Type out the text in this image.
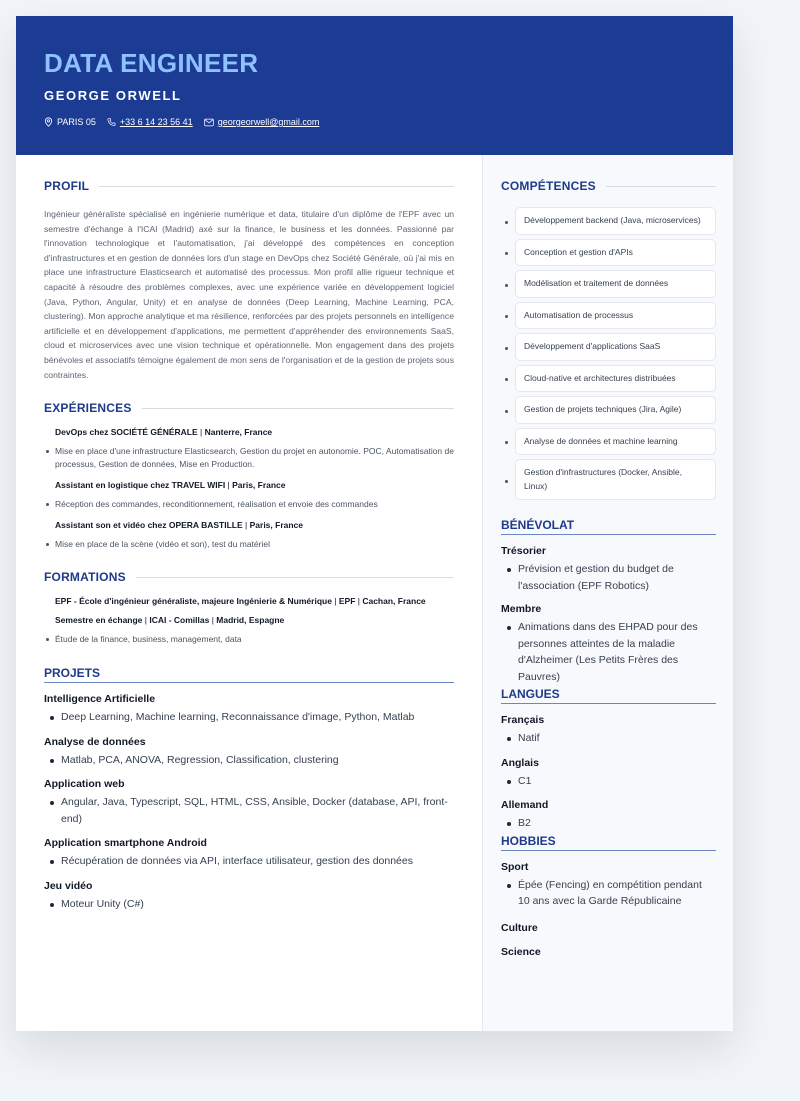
DATA ENGINEER
GEORGE ORWELL
PARIS 05	+33 6 14 23 56 41	georgeorwell@gmail.com
PROFIL

Ingénieur généraliste spécialisé en ingénierie numérique et data, titulaire d'un diplôme de l'EPF avec un semestre d'échange à l'ICAI (Madrid) axé sur la finance, le business et les données. Passionné par l'innovation technologique et l'automatisation, j'ai développé des compétences en conception d'infrastructures et en gestion de données lors d'un stage en DevOps chez Société Générale, où j'ai mis en place une infrastructure Elasticsearch et automatisé des processus. Mon profil allie rigueur technique et capacité à résoudre des problèmes complexes, avec une expérience variée en développement logiciel (Java, Python, Angular, Unity) et en analyse de données (Deep Learning, Machine Learning, PCA, clustering). Mon approche analytique et ma résilience, renforcées par des projets personnels en intelligence artificielle et en développement d'applications, me permettent d'appréhender des environnements SaaS, cloud et microservices avec une vision technique et opérationnelle. Mon engagement dans des projets bénévoles et associatifs témoigne également de mon sens de l'organisation et de la gestion de projets sous contraintes.

EXPÉRIENCES
DevOps chez SOCIÉTÉ GÉNÉRALE | Nanterre, France
Mise en place d'une infrastructure Elasticsearch, Gestion du projet en autonomie. POC, Automatisation de processus, Gestion de données, Mise en Production.
Assistant en logistique chez TRAVEL WIFI | Paris, France
Réception des commandes, reconditionnement, réalisation et envoie des commandes
Assistant son et vidéo chez OPERA BASTILLE | Paris, France
Mise en place de la scène (vidéo et son), test du matériel
FORMATIONS
EPF - École d'ingénieur généraliste, majeure Ingénierie & Numérique | EPF | Cachan, France
Semestre en échange | ICAI - Comillas | Madrid, Espagne
Étude de la finance, business, management, data
PROJETS
Intelligence Artificielle
Deep Learning, Machine learning, Reconnaissance d'image, Python, Matlab
Analyse de données
Matlab, PCA, ANOVA, Regression, Classification, clustering
Application web
Angular, Java, Typescript, SQL, HTML, CSS, Ansible, Docker (database, API, front-end)
Application smartphone Android
Récupération de données via API, interface utilisateur, gestion des données
Jeu vidéo
Moteur Unity (C#)
COMPÉTENCES
Développement backend (Java, microservices)
Conception et gestion d'APIs
Modélisation et traitement de données
Automatisation de processus
Développement d'applications SaaS
Cloud-native et architectures distribuées
Gestion de projets techniques (Jira, Agile)
Analyse de données et machine learning
Gestion d'infrastructures (Docker, Ansible, Linux)
BÉNÉVOLAT
Trésorier
Prévision et gestion du budget de l'association (EPF Robotics)
Membre
Animations dans des EHPAD pour des personnes atteintes de la maladie d'Alzheimer (Les Petits Frères des Pauvres)
LANGUES
Français
Natif
Anglais
C1
Allemand
B2
HOBBIES
Sport
Épée (Fencing) en compétition pendant 10 ans avec la Garde Républicaine
Culture
Science
